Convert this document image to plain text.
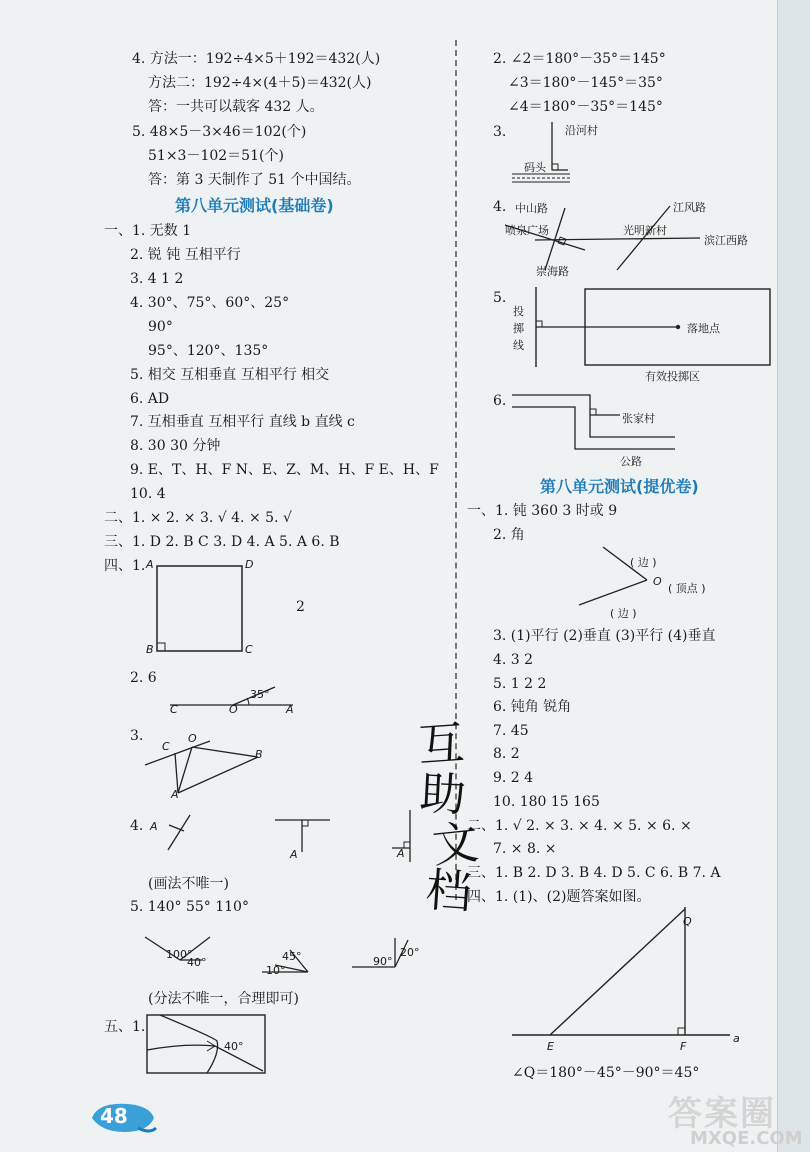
4. 方法一：192÷4×5＋192＝432(人)
方法二：192÷4×(4＋5)＝432(人)
答：一共可以载客 432 人。
5. 48×5－3×46＝102(个)
51×3－102＝51(个)
答：第 3 天制作了 51 个中国结。
第八单元测试(基础卷)
一、1. 无数 1
2. 锐 钝 互相平行
3. 4 1 2
4. 30°、75°、60°、25°
90°
95°、120°、135°
5. 相交 互相垂直 互相平行 相交
6. AD
7. 互相垂直 互相平行 直线 b 直线 c
8. 30 30 分钟
9. E、T、H、F N、E、Z、M、H、F E、H、F
10. 4
二、1. × 2. × 3. √ 4. × 5. √
三、1. D 2. B C 3. D 4. A 5. A 6. B
四、1. A	D
B	C
2
2. 6
35°
C	O	A
3.
C
O
B
A
4. A
A	A
(画法不唯一)
5. 140° 55° 110°
100°
40°	45°
10°
90°
20°
(分法不唯一，合理即可)
五、1.
40°
2. ∠2＝180°－35°＝145°
∠3＝180°－145°＝35°
∠4＝180°－35°＝145°
3.	沿河村
码头
4. 中山路	江风路
喷泉广场	光明新村
滨江西路
崇海路
5.
投
掷
线
落地点
有效投掷区
6.
张家村
公路
第八单元测试(提优卷)
一、1. 钝 360 3 时或 9
2. 角
( 边 )
O
( 顶点 )
( 边 )
3. (1)平行 (2)垂直 (3)平行 (4)垂直
4. 3 2
5. 1 2 2
6. 钝角 锐角
7. 45
8. 2
9. 2 4
10. 180 15 165
二、1. √ 2. × 3. × 4. × 5. × 6. ×
7. × 8. ×
三、1. B 2. D 3. B 4. D 5. C 6. B 7. A
四、1. (1)、(2)题答案如图。
Q
E	F
a
∠Q＝180°－45°－90°＝45°
互
助
文
档
48	答案圈
MXQE.COM
